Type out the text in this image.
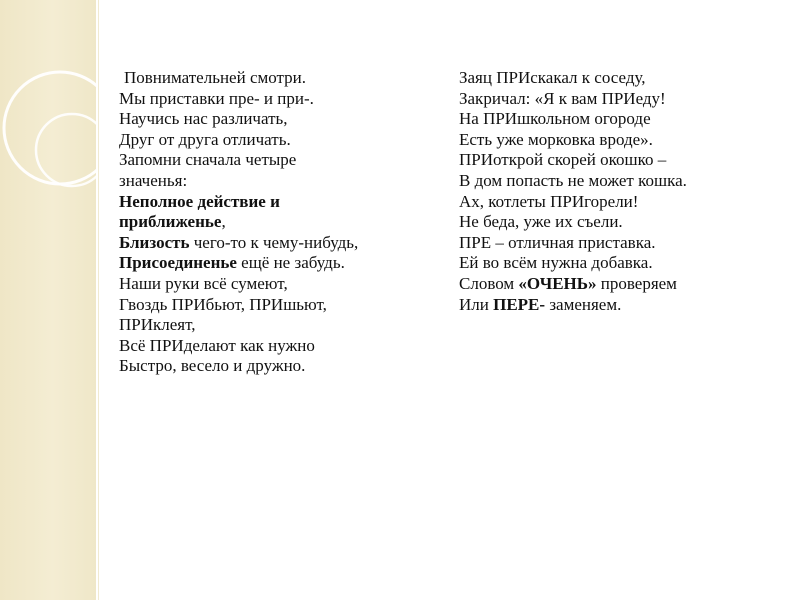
Повнимательней смотри.

Мы приставки пре- и при-.

Научись нас различать,

Друг от друга отличать.

Запомни сначала четыре

значенья:

Неполное действие и

приближенье,

Близость чего-то к чему-нибудь,

Присоединенье ещё не забудь.

Наши руки всё сумеют,

Гвоздь ПРИбьют, ПРИшьют,

ПРИклеят,

Всё ПРИделают как нужно

Быстро, весело и дружно.

Заяц ПРИскакал к соседу,

Закричал: «Я к вам ПРИеду!

На ПРИшкольном огороде

Есть уже морковка вроде».

ПРИоткрой скорей окошко –

В дом попасть не может кошка.

Ах, котлеты ПРИгорели!

Не беда, уже их съели.

ПРЕ – отличная приставка.

Ей во всём нужна добавка.

Словом «ОЧЕНЬ» проверяем

Или ПЕРЕ- заменяем.
